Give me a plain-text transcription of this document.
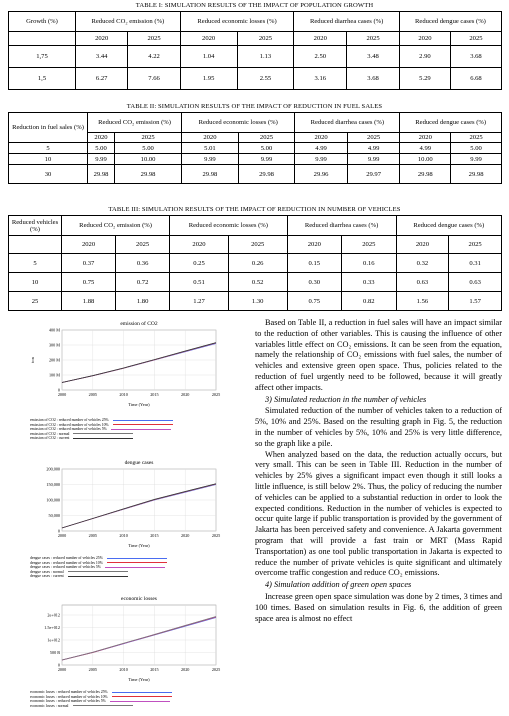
TABLE I: SIMULATION RESULTS OF THE IMPACT OF POPULATION GROWTH
Growth (%)	Reduced CO₂ emission (%)		Reduced economic losses (%)		Reduced diarrhea cases (%)		Reduced dengue cases (%)	
	2020	2025	2020	2025	2020	2025	2020	2025
1,75	3.44	4.22	1.04	1.13	2.50	3.48	2.90	3.68
1,5	6.27	7.66	1.95	2.55	3.16	3.68	5.29	6.68
TABLE II: SIMULATION RESULTS OF THE IMPACT OF REDUCTION IN FUEL SALES
Reduction in fuel sales (%)	Reduced CO₂ emission (%)		Reduced economic losses (%)		Reduced diarrhea cases (%)		Reduced dengue cases (%)	
	2020	2025	2020	2025	2020	2025	2020	2025
5	5.00	5.00	5.01	5.00	4.99	4.99	4.99	5.00
10	9.99	10.00	9.99	9.99	9.99	9.99	10.00	9.99
30	29.98	29.98	29.98	29.98	29.96	29.97	29.98	29.98
TABLE III: SIMULATION RESULTS OF THE IMPACT OF REDUCTION IN NUMBER OF VEHICLES
Reduced vehicles (%)	Reduced CO₂ emission (%)		Reduced economic losses (%)		Reduced diarrhea cases (%)		Reduced dengue cases (%)	
	2020	2025	2020	2025	2020	2025	2020	2025
5	0.37	0.36	0.25	0.26	0.15	0.16	0.32	0.31
10	0.75	0.72	0.51	0.52	0.30	0.33	0.63	0.63
25	1.88	1.80	1.27	1.30	0.75	0.82	1.56	1.57
emission of CO2
0
100 M
200 M
300 M
400 M
2000	2005	2010	2015	2020	2025
Time (Year)
ton
emission of CO2 : reduced number of vehicles 25%
emission of CO2 : reduced number of vehicles 10%
emission of CO2 : reduced number of vehicles 5%
emission of CO2 : normal
emission of CO2 : current
dengue cases
0
50,000
100,000
150,000
200,000
2000	2005	2010	2015	2020	2025
Time (Year)
dengue cases : reduced number of vehicles 25%
dengue cases : reduced number of vehicles 10%
dengue cases : reduced number of vehicles 5%
dengue cases : normal
dengue cases : current
economic losses
0
500 B
1e+012
1.5e+012
2e+012
2000	2005	2010	2015	2020	2025
Time (Year)
economic losses : reduced number of vehicles 25%
economic losses : reduced number of vehicles 10%
economic losses : reduced number of vehicles 5%
economic losses : normal

Based on Table II, a reduction in fuel sales will have an impact similar to the reduction of other variables. This is causing the influence of other variables little effect on CO₂ emissions. It can be seen from the equation, namely the relationship of CO₂ emissions with fuel sales, the number of vehicles and extensive green open space. Thus, policies related to the reduction of fuel urgently need to be followed, because it will greatly affect other impacts.

3) Simulated reduction in the number of vehicles

Simulated reduction of the number of vehicles taken to a reduction of 5%, 10% and 25%. Based on the resulting graph in Fig. 5, the reduction in the number of vehicles by 5%, 10% and 25% is very little difference, so the graph like a pile.

When analyzed based on the data, the reduction actually occurs, but very small. This can be seen in Table III. Reduction in the number of vehicles by 25% gives a significant impact even though it still looks a little influence, is still below 2%. Thus, the policy of reducing the number of vehicles can be applied to a substantial reduction in order to look the expected conditions. Reduction in the number of vehicles is expected to occur quite large if public transportation is provided by the government of Jakarta has been perceived safety and convenience. A Jakarta government program that will provide a fast train or MRT (Mass Rapid Transportation) as one tool public transportation in Jakarta is expected to reduce the number of private vehicles is quite significant and ultimately overcome traffic congestion and reduce CO₂ emissions.

4) Simulation addition of green open spaces

Increase green open space simulation was done by 2 times, 3 times and 100 times. Based on simulation results in Fig. 6, the addition of green space area is almost no effect
